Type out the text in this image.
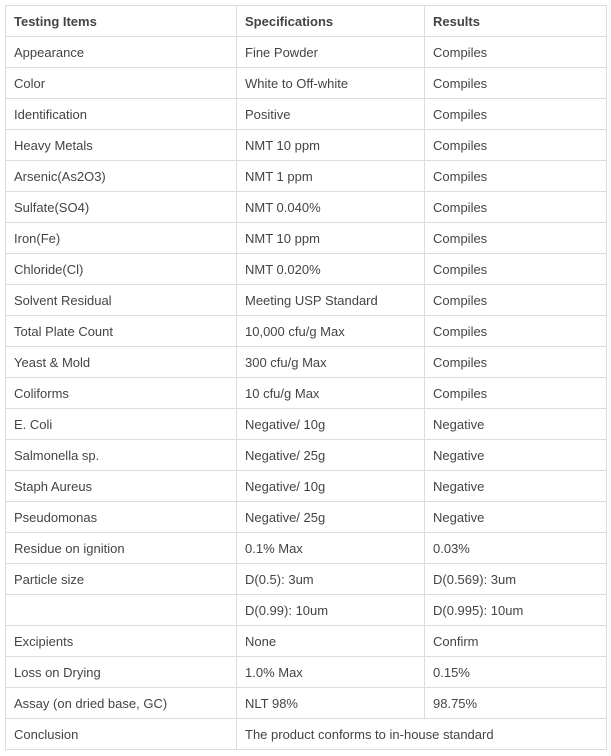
Testing Items	Specifications	Results
Appearance	Fine Powder	Compiles
Color	White to Off-white	Compiles
Identification	Positive	Compiles
Heavy Metals	NMT 10 ppm	Compiles
Arsenic(As2O3)	NMT 1 ppm	Compiles
Sulfate(SO4)	NMT 0.040%	Compiles
Iron(Fe)	NMT 10 ppm	Compiles
Chloride(Cl)	NMT 0.020%	Compiles
Solvent Residual	Meeting USP Standard	Compiles
Total Plate Count	10,000 cfu/g Max	Compiles
Yeast & Mold	300 cfu/g Max	Compiles
Coliforms	10 cfu/g Max	Compiles
E. Coli	Negative/ 10g	Negative
Salmonella sp.	Negative/ 25g	Negative
Staph Aureus	Negative/ 10g	Negative
Pseudomonas	Negative/ 25g	Negative
Residue on ignition	0.1% Max	0.03%
Particle size	D(0.5): 3um	D(0.569): 3um
	D(0.99): 10um	D(0.995): 10um
Excipients	None	Confirm
Loss on Drying	1.0% Max	0.15%
Assay (on dried base, GC)	NLT 98%	98.75%
Conclusion	The product conforms to in-house standard	
